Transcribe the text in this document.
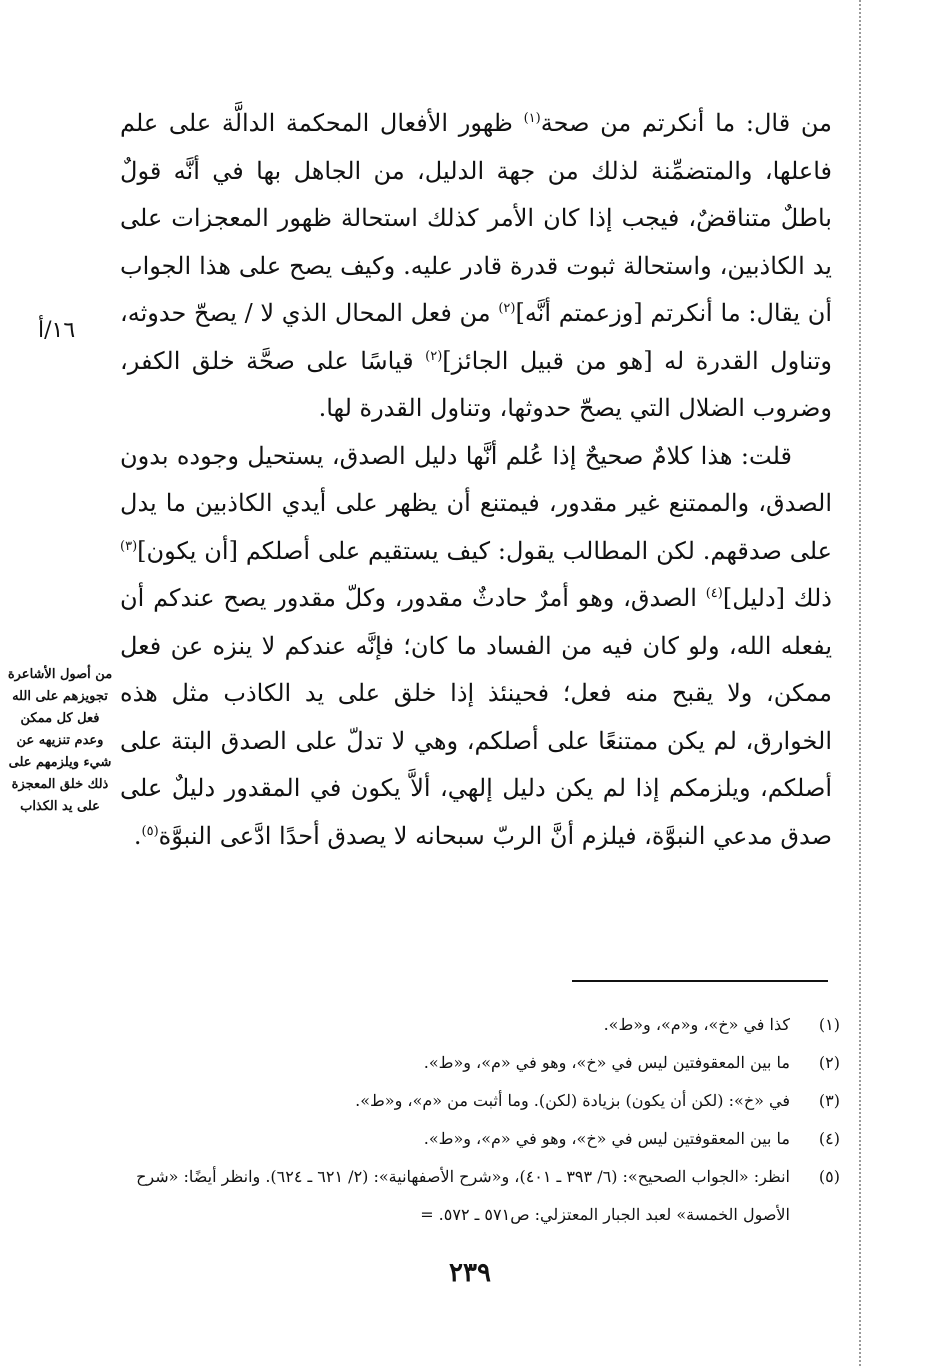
من قال: ما أنكرتم من صحة$^{(١)}$ ظهور الأفعال المحكمة الدالَّة على علم فاعلها، والمتضمِّنة لذلك من جهة الدليل، من الجاهل بها في أنَّه قولٌ باطلٌ متناقضٌ، فيجب إذا كان الأمر كذلك استحالة ظهور المعجزات على يد الكاذبين، واستحالة ثبوت قدرة قادر عليه. وكيف يصح على هذا الجواب أن يقال: ما أنكرتم [وزعمتم أنَّه]$^{(٢)}$ من فعل المحال الذي لا / يصحّ حدوثه، وتناول القدرة له [هو من قبيل الجائز]$^{(٢)}$ قياسًا على صحَّة خلق الكفر، وضروب الضلال التي يصحّ حدوثها، وتناول القدرة لها.

قلت: هذا كلامٌ صحيحٌ إذا عُلم أنَّها دليل الصدق، يستحيل وجوده بدون الصدق، والممتنع غير مقدور، فيمتنع أن يظهر على أيدي الكاذبين ما يدل على صدقهم. لكن المطالب يقول: كيف يستقيم على أصلكم [أن يكون]$^{(٣)}$ ذلك [دليل]$^{(٤)}$ الصدق، وهو أمرٌ حادثٌ مقدور، وكلّ مقدور يصح عندكم أن يفعله الله، ولو كان فيه من الفساد ما كان؛ فإنَّه عندكم لا ينزه عن فعل ممكن، ولا يقبح منه فعل؛ فحينئذ إذا خلق على يد الكاذب مثل هذه الخوارق، لم يكن ممتنعًا على أصلكم، وهي لا تدلّ على الصدق البتة على أصلكم، ويلزمكم إذا لم يكن دليل إلهي، ألاَّ يكون في المقدور دليلٌ على صدق مدعي النبوَّة، فيلزم أنَّ الربّ سبحانه لا يصدق أحدًا ادَّعى النبوَّة$^{(٥)}$.

١٦/أ
من أصول الأشاعرة تجويزهم على الله فعل كل ممكن وعدم تنزيهه عن شيء ويلزمهم على ذلك خلق المعجزة على يد الكذاب
(١)
كذا في «خ»، و«م»، و«ط».
(٢)
ما بين المعقوفتين ليس في «خ»، وهو في «م»، و«ط».
(٣)
في «خ»: (لكن أن يكون) بزيادة (لكن). وما أثبت من «م»، و«ط».
(٤)
ما بين المعقوفتين ليس في «خ»، وهو في «م»، و«ط».
(٥)
انظر: «الجواب الصحيح»: (٦/ ٣٩٣ ـ ٤٠١)، و«شرح الأصفهانية»: (٢/ ٦٢١ ـ ٦٢٤). وانظر أيضًا: «شرح الأصول الخمسة» لعبد الجبار المعتزلي: ص٥٧١ ـ ٥٧٢. =
٢٣٩
